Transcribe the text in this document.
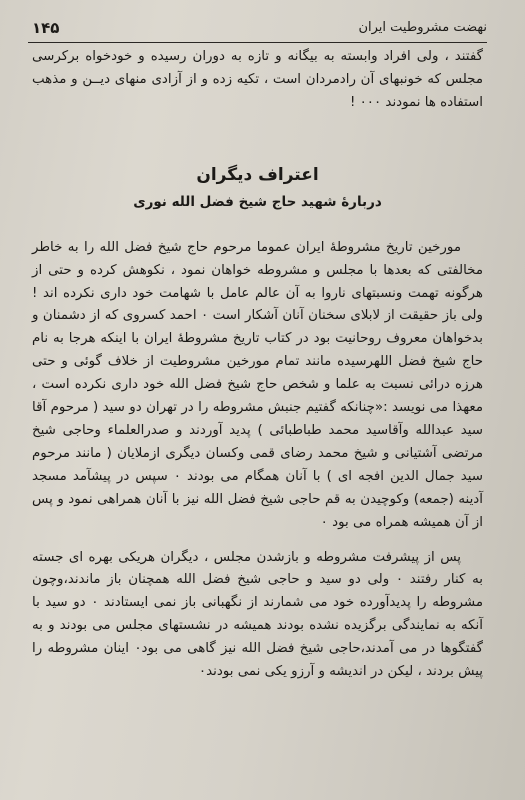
۱۴۵	نهضت مشروطیت ایران

گفتند ، ولی افراد وابسته به بیگانه و تازه به دوران رسیده و خودخواه برکرسی مجلس که خونبهای آن رادمردان است ، تکیه زده و از آزادی منهای دیــن و مذهب استفاده ها نمودند ۰۰۰ !

اعتراف دیگران
دربارهٔ شهید حاج شیخ فضل الله نوری

مورخین تاریخ مشروطهٔ ایران عموما مرحوم حاج شیخ فضل الله را به خاطر مخالفتی که بعدها با مجلس و مشروطه خواهان نمود ، نکوهش کرده و حتی از هرگونه تهمت ونسبتهای ناروا به آن عالم عامل با شهامت خود داری نکرده اند ! ولی باز حقیقت از لابلای سخنان آنان آشکار است ۰ احمد کسروی که از دشمنان و بدخواهان معروف روحانیت بود در کتاب تاریخ مشروطهٔ ایران با اینکه هرجا به نام حاج شیخ فضل اللهرسیده مانند تمام مورخین مشروطیت از خلاف گوئی و حتی هرزه درائی نسبت به علما و شخص حاج شیخ فضل الله خود داری نکرده است ، معهذا می نویسد :«چنانکه گفتیم جنبش مشروطه را در تهران دو سید ( مرحوم آقا سید عبدالله وآقاسید محمد طباطبائی ) پدید آوردند و صدرالعلماء وحاجی شیخ مرتضی آشتیانی و شیخ محمد رضای قمی وکسان دیگری ازملایان ( مانند مرحوم سید جمال الدین افجه ای ) با آنان همگام می بودند ۰ سپس در پیشآمد مسجد آدینه (جمعه) وکوچیدن به قم حاجی شیخ فضل الله نیز با آنان همراهی نمود و پس از آن همیشه همراه می بود ۰

پس از پیشرفت مشروطه و بازشدن مجلس ، دیگران هریکی بهره ای جسته به کنار رفتند ۰ ولی دو سید و حاجی شیخ فضل الله همچنان باز ماندند،وچون مشروطه را پدیدآورده خود می شمارند از نگهبانی باز نمی ایستادند ۰ دو سید با آنکه به نمایندگی برگزیده نشده بودند همیشه در نشستهای مجلس می بودند و به گفتگوها در می آمدند،حاجی شیخ فضل الله نیز گاهی می بود۰ اینان مشروطه را پیش بردند ، لیکن در اندیشه و آرزو یکی نمی بودند۰
